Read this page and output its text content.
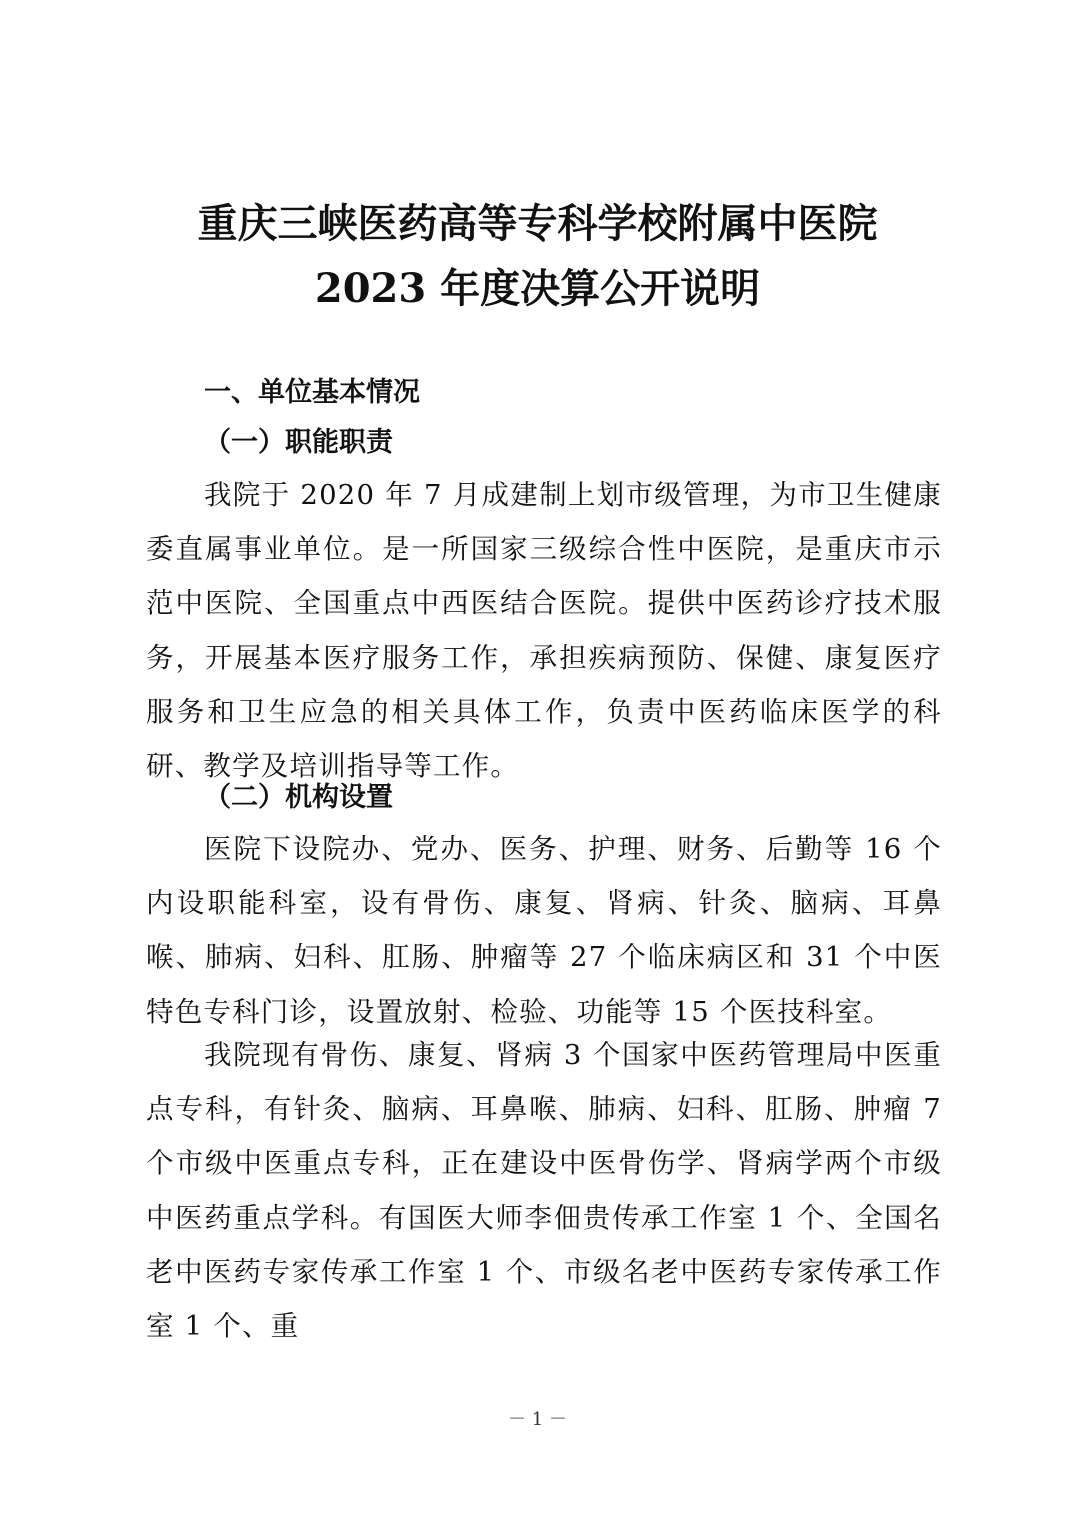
重庆三峡医药高等专科学校附属中医院
2023 年度决算公开说明
一、单位基本情况
（一）职能职责
我院于 2020 年 7 月成建制上划市级管理，为市卫生健康委直属事业单位。是一所国家三级综合性中医院，是重庆市示范中医院、全国重点中西医结合医院。提供中医药诊疗技术服务，开展基本医疗服务工作，承担疾病预防、保健、康复医疗服务和卫生应急的相关具体工作，负责中医药临床医学的科研、教学及培训指导等工作。
（二）机构设置
医院下设院办、党办、医务、护理、财务、后勤等 16 个内设职能科室，设有骨伤、康复、肾病、针灸、脑病、耳鼻喉、肺病、妇科、肛肠、肿瘤等 27 个临床病区和 31 个中医特色专科门诊，设置放射、检验、功能等 15 个医技科室。
我院现有骨伤、康复、肾病 3 个国家中医药管理局中医重点专科，有针灸、脑病、耳鼻喉、肺病、妇科、肛肠、肿瘤 7 个市级中医重点专科，正在建设中医骨伤学、肾病学两个市级中医药重点学科。有国医大师李佃贵传承工作室 1 个、全国名老中医药专家传承工作室 1 个、市级名老中医药专家传承工作室 1 个、重
－ 1 －
